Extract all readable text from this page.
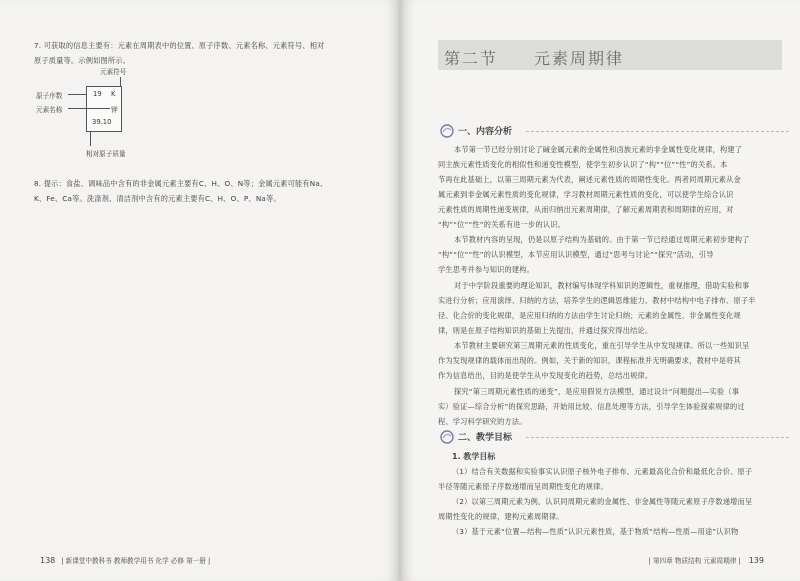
7. 可获取的信息主要有：元素在周期表中的位置、原子序数、元素名称、元素符号、相对
原子质量等。示例如图所示。
元素符号
19 K
钾
39.10
原子序数
元素名称
相对原子质量
8. 提示：食盐、调味品中含有的非金属元素主要有C、H、O、N等；金属元素可能有Na、
K、Fe、Ca等。洗涤剂、清洁剂中含有的元素主要有C、H、O、P、Na等。
138 | 新课堂中教科书 教师教学用书 化学 必修 第一册 |
第二节 元素周期律
一、内容分析
本节第一节已经分别讨论了碱金属元素的金属性和卤族元素的非金属性变化规律，构建了
同主族元素性质变化的相似性和递变性模型，使学生初步认识了“构”“位”“性”的关系。本
节再在此基础上，以第三周期元素为代表，阐述元素性质的周期性变化。两者同周期元素从金
属元素到非金属元素性质的变化规律，学习教材周期元素性质的变化，可以使学生综合认识
元素性质的周期性递变规律，从而归纳出元素周期律，了解元素周期表和周期律的应用，对
“构”“位”“性”的关系有进一步的认识。
本节教材内容的呈现，仍是以原子结构为基础的。由于第一节已经通过周期元素初步建构了
“构”“位”“性”的认识模型，本节应用认识模型，通过“思考与讨论”“探究”活动，引导
学生思考并参与知识的建构。
对于中学阶段重要的理论知识，教材编写体现学科知识的逻辑性，重视推理，借助实验和事
实进行分析；应用演绎、归纳的方法，培养学生的逻辑思维能力。教材中结构中电子排布、原子半
径、化合价的变化规律，是应用归纳的方法由学生讨论归纳；元素的金属性、非金属性变化规
律，则是在原子结构知识的基础上先提出，并通过探究得出结论。
本节教材主要研究第三周期元素的性质变化，重在引导学生从中发现规律。所以一些知识呈
作为发现规律的载体而出现的。例如，关于新的知识，课程标准并无明确要求，教材中是将其
作为信息给出，目的是使学生从中发现变化的趋势，总结出规律。
探究“第三周期元素性质的递变”，是应用假说方法模型，通过设计“问题提出—实验（事
实）验证—综合分析”的探究思路，开始用比较、信息处理等方法，引导学生体验探索规律的过
程、学习科学研究的方法。
二、教学目标
1. 教学目标
（1）结合有关数据和实验事实认识原子核外电子排布、元素最高化合价和最低化合价、原子
半径等随元素原子序数递增而呈周期性变化的规律。
（2）以第三周期元素为例，认识同周期元素的金属性、非金属性等随元素原子序数递增而呈
周期性变化的规律，建构元素周期律。
（3）基于元素“位置—结构—性质”认识元素性质，基于物质“结构—性质—用途”认识物
| 第四章 物质结构 元素周期律 | 139
